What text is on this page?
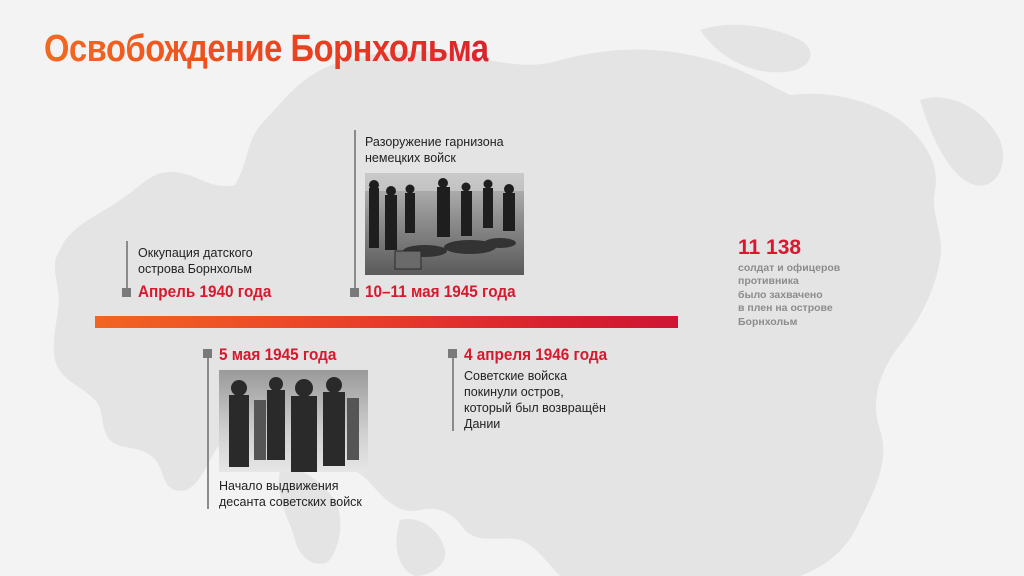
Освобождение Борнхольма
Оккупация датского
острова Борнхольм
Апрель 1940 года
Разоружение гарнизона
немецких войск
10–11 мая 1945 года
5 мая 1945 года
Начало выдвижения
десанта советских войск
4 апреля 1946 года
Советские войска
покинули остров,
который был возвращён
Дании
11 138
солдат и офицеров
противника
было захвачено
в плен на острове
Борнхольм
